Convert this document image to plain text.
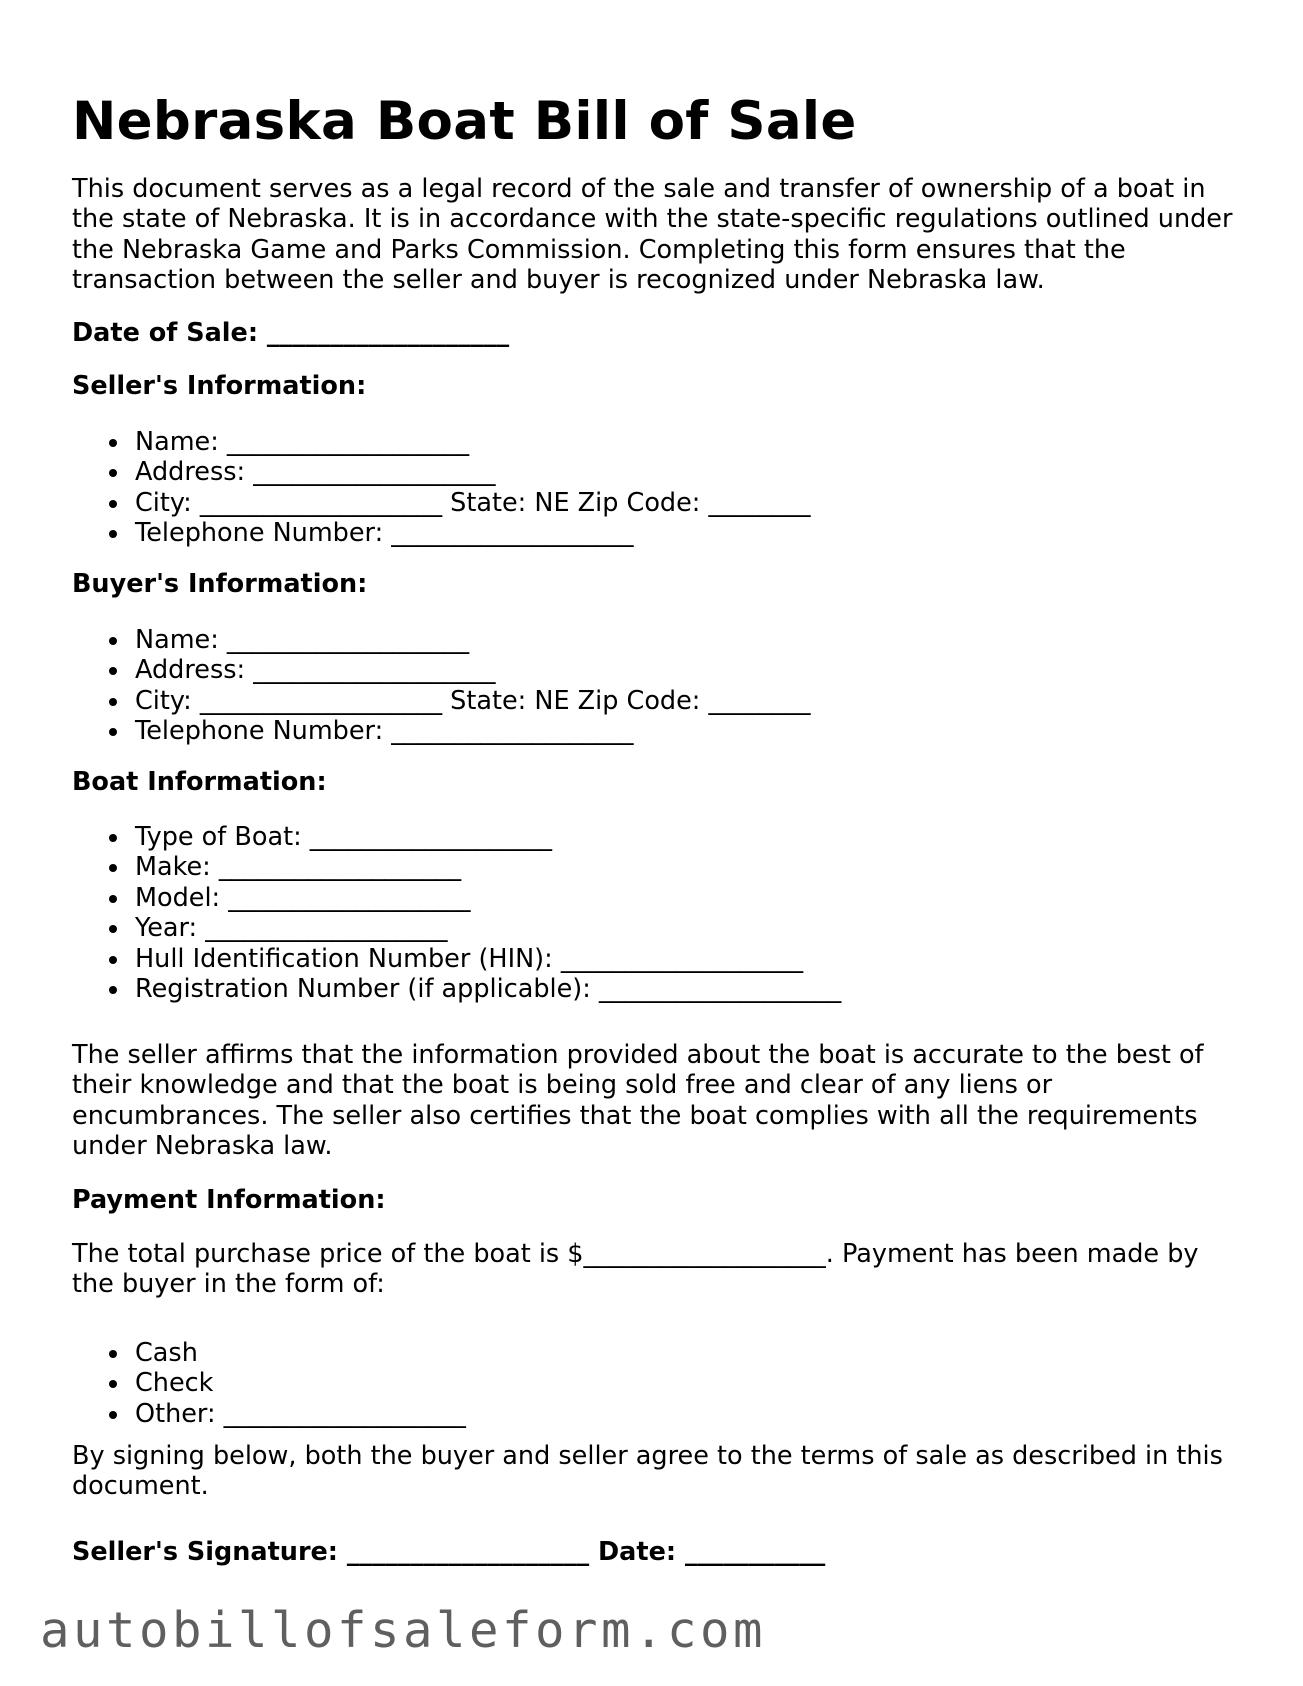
Nebraska Boat Bill of Sale

This document serves as a legal record of the sale and transfer of ownership of a boat in the state of Nebraska. It is in accordance with the state-specific regulations outlined under the Nebraska Game and Parks Commission. Completing this form ensures that the transaction between the seller and buyer is recognized under Nebraska law.

Date of Sale: ___________________

Seller's Information:

Name: ___________________
Address: ___________________
City: ___________________ State: NE Zip Code: ________
Telephone Number: ___________________

Buyer's Information:

Name: ___________________
Address: ___________________
City: ___________________ State: NE Zip Code: ________
Telephone Number: ___________________

Boat Information:

Type of Boat: ___________________
Make: ___________________
Model: ___________________
Year: ___________________
Hull Identification Number (HIN): ___________________
Registration Number (if applicable): ___________________

The seller affirms that the information provided about the boat is accurate to the best of their knowledge and that the boat is being sold free and clear of any liens or encumbrances. The seller also certifies that the boat complies with all the requirements under Nebraska law.

Payment Information:

The total purchase price of the boat is $___________________. Payment has been made by the buyer in the form of:

Cash
Check
Other: ___________________

By signing below, both the buyer and seller agree to the terms of sale as described in this document.

Seller's Signature: ___________________ Date: ___________

autobillofsaleform.com
